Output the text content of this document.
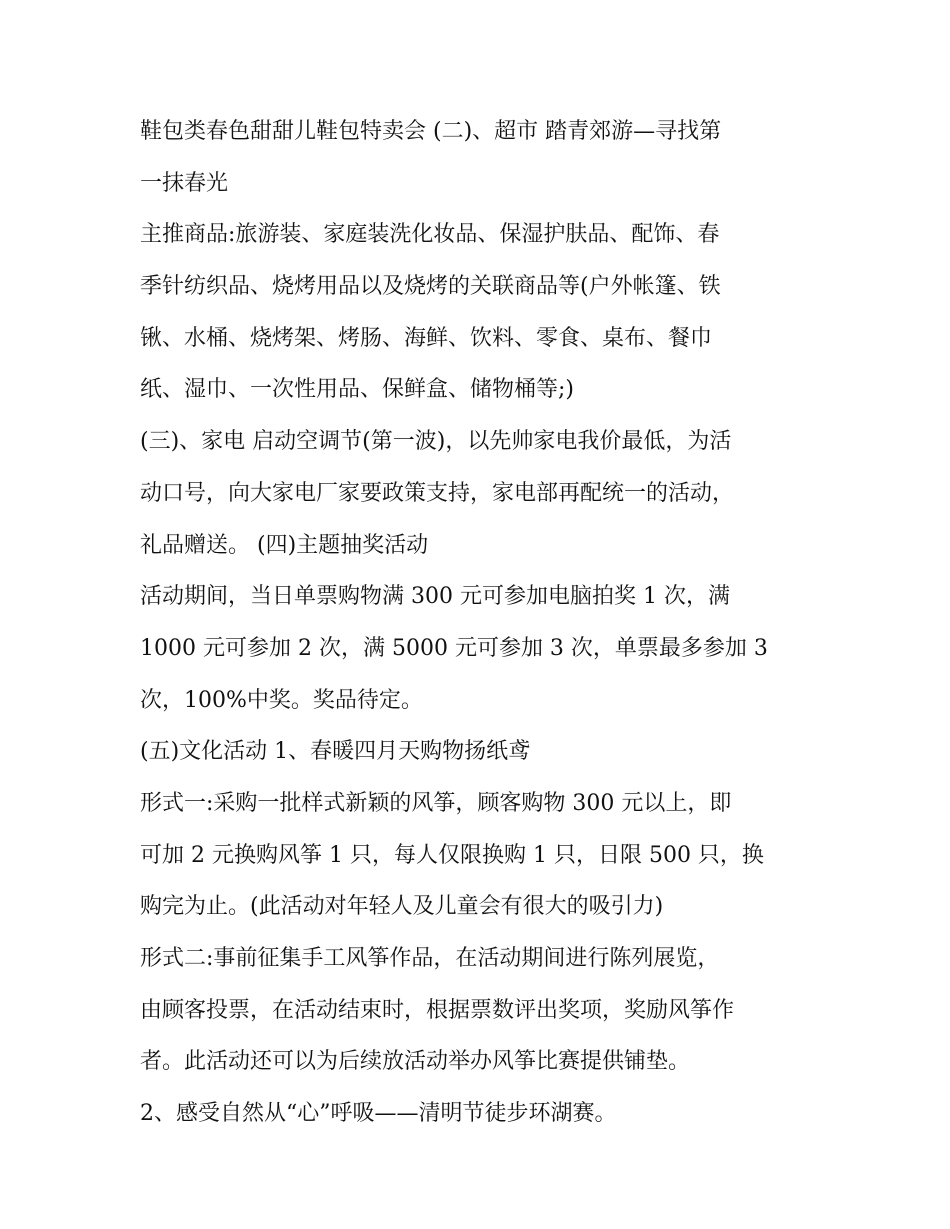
鞋包类春色甜甜儿鞋包特卖会 (二)、超市 踏青郊游—寻找第

一抹春光

主推商品:旅游装、家庭装洗化妆品、保湿护肤品、配饰、春

季针纺织品、烧烤用品以及烧烤的关联商品等(户外帐篷、铁

锹、水桶、烧烤架、烤肠、海鲜、饮料、零食、桌布、餐巾

纸、湿巾、一次性用品、保鲜盒、储物桶等;)

(三)、家电 启动空调节(第一波)，以先帅家电我价最低，为活

动口号，向大家电厂家要政策支持，家电部再配统一的活动，

礼品赠送。 (四)主题抽奖活动

活动期间，当日单票购物满 300 元可参加电脑拍奖 1 次，满

1000 元可参加 2 次，满 5000 元可参加 3 次，单票最多参加 3

次，100%中奖。奖品待定。

(五)文化活动 1、春暖四月天购物扬纸鸢

形式一:采购一批样式新颖的风筝，顾客购物 300 元以上，即

可加 2 元换购风筝 1 只，每人仅限换购 1 只，日限 500 只，换

购完为止。(此活动对年轻人及儿童会有很大的吸引力)

形式二:事前征集手工风筝作品，在活动期间进行陈列展览，

由顾客投票，在活动结束时，根据票数评出奖项，奖励风筝作

者。此活动还可以为后续放活动举办风筝比赛提供铺垫。

2、感受自然从“心”呼吸——清明节徒步环湖赛。
